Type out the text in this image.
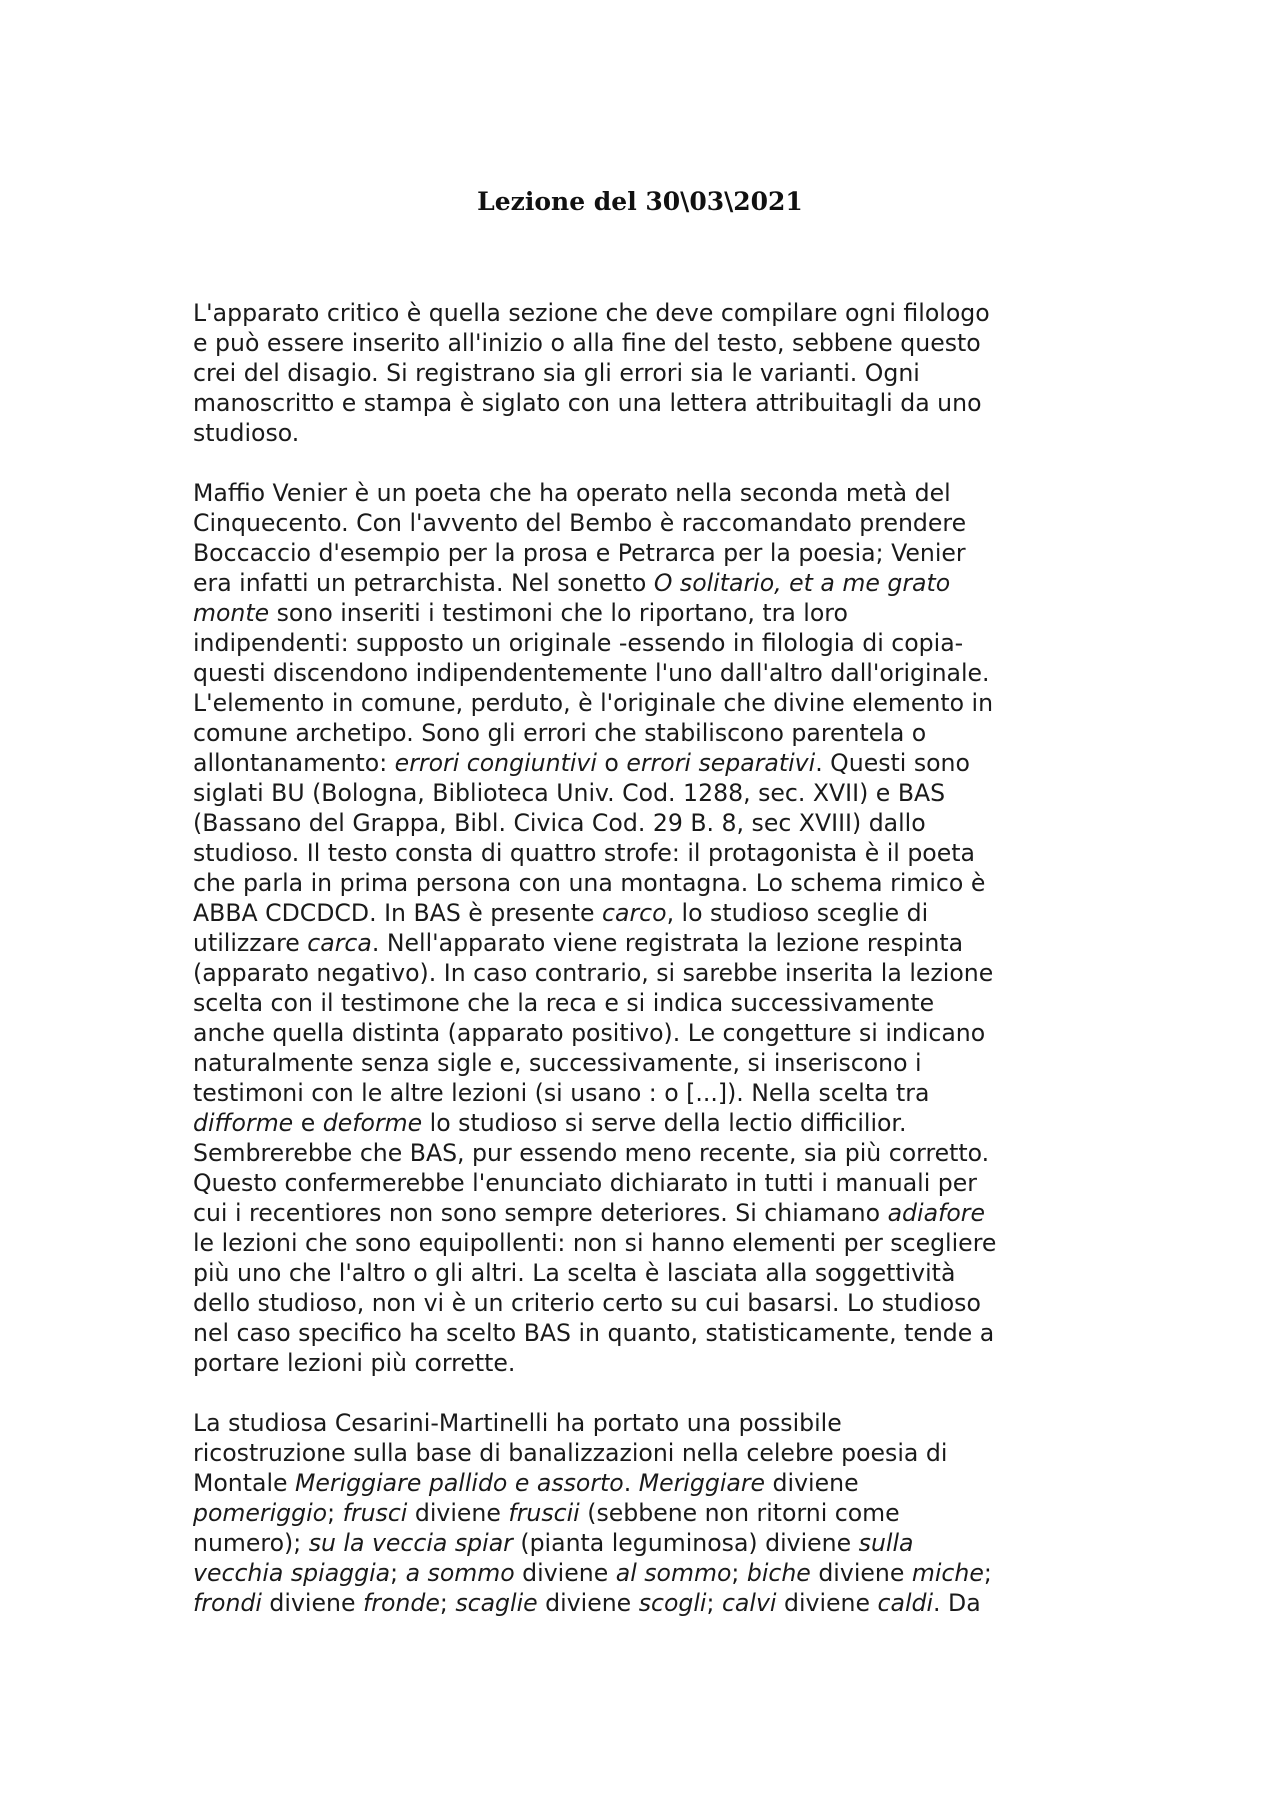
Lezione del 30\03\2021

L'apparato critico è quella sezione che deve compilare ogni filologo
e può essere inserito all'inizio o alla fine del testo, sebbene questo
crei del disagio. Si registrano sia gli errori sia le varianti. Ogni
manoscritto e stampa è siglato con una lettera attribuitagli da uno
studioso.

Maffio Venier è un poeta che ha operato nella seconda metà del
Cinquecento. Con l'avvento del Bembo è raccomandato prendere
Boccaccio d'esempio per la prosa e Petrarca per la poesia; Venier
era infatti un petrarchista. Nel sonetto O solitario, et a me grato
monte sono inseriti i testimoni che lo riportano, tra loro
indipendenti: supposto un originale -essendo in filologia di copia-
questi discendono indipendentemente l'uno dall'altro dall'originale.
L'elemento in comune, perduto, è l'originale che divine elemento in
comune archetipo. Sono gli errori che stabiliscono parentela o
allontanamento: errori congiuntivi o errori separativi. Questi sono
siglati BU (Bologna, Biblioteca Univ. Cod. 1288, sec. XVII) e BAS
(Bassano del Grappa, Bibl. Civica Cod. 29 B. 8, sec XVIII) dallo
studioso. Il testo consta di quattro strofe: il protagonista è il poeta
che parla in prima persona con una montagna. Lo schema rimico è
ABBA CDCDCD. In BAS è presente carco, lo studioso sceglie di
utilizzare carca. Nell'apparato viene registrata la lezione respinta
(apparato negativo). In caso contrario, si sarebbe inserita la lezione
scelta con il testimone che la reca e si indica successivamente
anche quella distinta (apparato positivo). Le congetture si indicano
naturalmente senza sigle e, successivamente, si inseriscono i
testimoni con le altre lezioni (si usano : o [...]). Nella scelta tra
difforme e deforme lo studioso si serve della lectio difficilior.
Sembrerebbe che BAS, pur essendo meno recente, sia più corretto.
Questo confermerebbe l'enunciato dichiarato in tutti i manuali per
cui i recentiores non sono sempre deteriores. Si chiamano adiafore
le lezioni che sono equipollenti: non si hanno elementi per scegliere
più uno che l'altro o gli altri. La scelta è lasciata alla soggettività
dello studioso, non vi è un criterio certo su cui basarsi. Lo studioso
nel caso specifico ha scelto BAS in quanto, statisticamente, tende a
portare lezioni più corrette.

La studiosa Cesarini-Martinelli ha portato una possibile
ricostruzione sulla base di banalizzazioni nella celebre poesia di
Montale Meriggiare pallido e assorto. Meriggiare diviene
pomeriggio; frusci diviene fruscii (sebbene non ritorni come
numero); su la veccia spiar (pianta leguminosa) diviene sulla
vecchia spiaggia; a sommo diviene al sommo; biche diviene miche;
frondi diviene fronde; scaglie diviene scogli; calvi diviene caldi. Da
